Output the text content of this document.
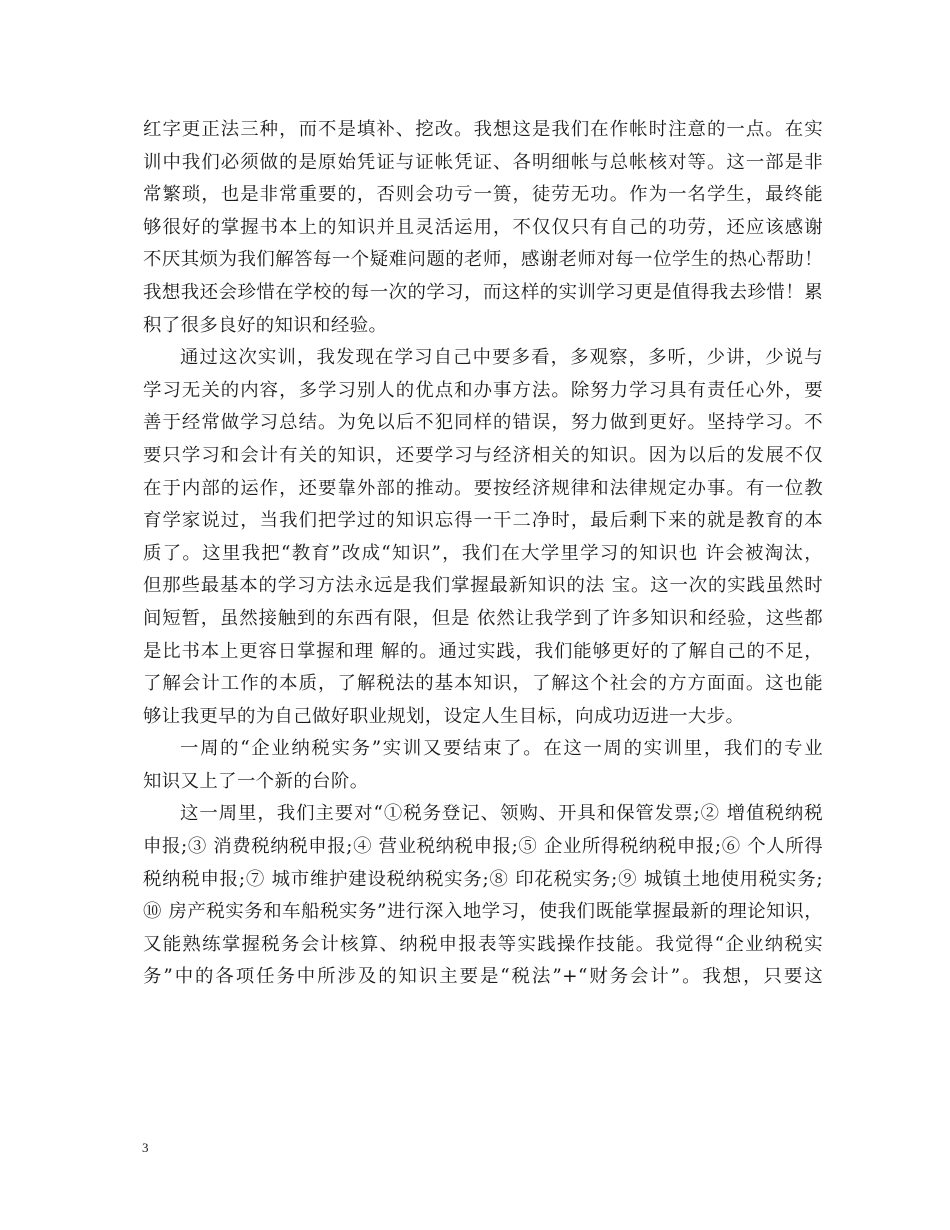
红字更正法三种，而不是填补、挖改。我想这是我们在作帐时注意的一点。在实
训中我们必须做的是原始凭证与证帐凭证、各明细帐与总帐核对等。这一部是非
常繁琐，也是非常重要的，否则会功亏一篑，徒劳无功。作为一名学生，最终能
够很好的掌握书本上的知识并且灵活运用，不仅仅只有自己的功劳，还应该感谢
不厌其烦为我们解答每一个疑难问题的老师，感谢老师对每一位学生的热心帮助！
我想我还会珍惜在学校的每一次的学习，而这样的实训学习更是值得我去珍惜！累
积了很多良好的知识和经验。
通过这次实训，我发现在学习自己中要多看，多观察，多听，少讲，少说与
学习无关的内容，多学习别人的优点和办事方法。除努力学习具有责任心外，要
善于经常做学习总结。为免以后不犯同样的错误，努力做到更好。坚持学习。不
要只学习和会计有关的知识，还要学习与经济相关的知识。因为以后的发展不仅
在于内部的运作，还要靠外部的推动。要按经济规律和法律规定办事。有一位教
育学家说过，当我们把学过的知识忘得一干二净时，最后剩下来的就是教育的本
质了。这里我把“教育”改成“知识”，我们在大学里学习的知识也 许会被淘汰，
但那些最基本的学习方法永远是我们掌握最新知识的法 宝。这一次的实践虽然时
间短暂，虽然接触到的东西有限，但是 依然让我学到了许多知识和经验，这些都
是比书本上更容日掌握和理 解的。通过实践，我们能够更好的了解自己的不足，
了解会计工作的本质，了解税法的基本知识，了解这个社会的方方面面。这也能
够让我更早的为自己做好职业规划，设定人生目标，向成功迈进一大步。
一周的“企业纳税实务”实训又要结束了。在这一周的实训里，我们的专业
知识又上了一个新的台阶。
这一周里，我们主要对“①税务登记、领购、开具和保管发票;② 增值税纳税
申报;③ 消费税纳税申报;④ 营业税纳税申报;⑤ 企业所得税纳税申报;⑥ 个人所得
税纳税申报;⑦ 城市维护建设税纳税实务;⑧ 印花税实务;⑨ 城镇土地使用税实务;
⑩ 房产税实务和车船税实务”进行深入地学习，使我们既能掌握最新的理论知识，
又能熟练掌握税务会计核算、纳税申报表等实践操作技能。我觉得“企业纳税实
务”中的各项任务中所涉及的知识主要是“税法”+“财务会计”。我想，只要这
3
